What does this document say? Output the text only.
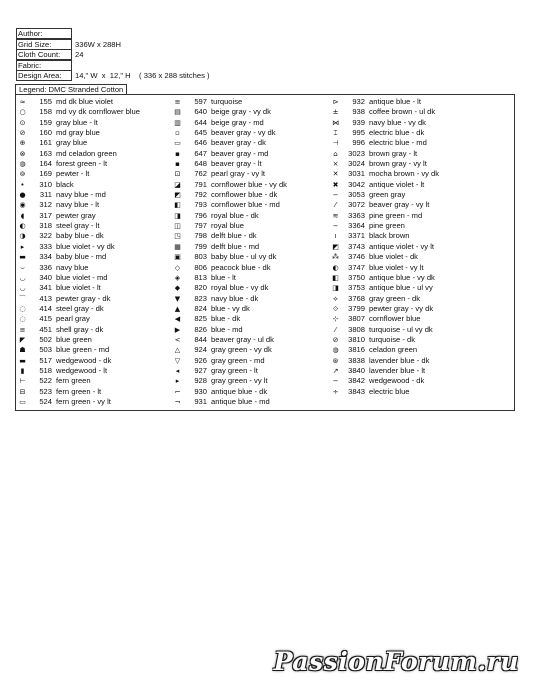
Author:
Grid Size:	336W x 288H
Cloth Count:	24
Fabric:
Design Area:	14," W  x  12," H    ( 336 x 288 stitches )
Legend: DMC Stranded Cotton
≈	155 md dk blue violet
○	158 md vy dk cornflower blue
⊙	159 gray blue - lt
⊘	160 md gray blue
⊕	161 gray blue
⊗	163 md celadon green
◍	164 forest green - lt
⊚	169 pewter - lt
•	310 black
●	311 navy blue - md
◉	312 navy blue - lt
◖	317 pewter gray
◐	318 steel gray - lt
◑	322 baby blue - dk
▸	333 blue violet - vy dk
▬	334 baby blue - md
⌣	336 navy blue
◡	340 blue violet - md
◡	341 blue violet - lt
⌒	413 pewter gray - dk
◌	414 steel gray - dk
◌	415 pearl gray
≡	451 shell gray - dk
◤	502 blue green
☗	503 blue green - md
▬	517 wedgewood - dk
▮	518 wedgewood - lt
⊢	522 fern green
⊟	523 fern green - lt
▭	524 fern green - vy lt
≡	597 turquoise
▤	640 beige gray - vy dk
▥	644 beige gray - md
▫	645 beaver gray - vy dk
▭	646 beaver gray - dk
▪	647 beaver gray - md
▪	648 beaver gray - lt
⊡	762 pearl gray - vy lt
◪	791 cornflower blue - vy dk
◩	792 cornflower blue - dk
◧	793 cornflower blue - md
◨	796 royal blue - dk
◫	797 royal blue
◳	798 delft blue - dk
▦	799 delft blue - md
▣	803 baby blue - ul vy dk
◇	806 peacock blue - dk
◈	813 blue - lt
◆	820 royal blue - vy dk
▼	823 navy blue - dk
▲	824 blue - vy dk
◀	825 blue - dk
▶	826 blue - md
<	844 beaver gray - ul dk
△	924 gray green - vy dk
▽	926 gray green - md
◂	927 gray green - lt
▸	928 gray green - vy lt
⌐	930 antique blue - dk
¬	931 antique blue - md
⊳	932 antique blue - lt
±	938 coffee brown - ul dk
⋈	939 navy blue - vy dk
⌶	995 electric blue - dk
⊣	996 electric blue - md
⌂	3023 brown gray - lt
×	3024 brown gray - vy lt
✕	3031 mocha brown - vy dk
✖	3042 antique violet - lt
−	3053 green gray
⁄	3072 beaver gray - vy lt
≋	3363 pine green - md
−	3364 pine green
ı	3371 black brown
◩	3743 antique violet - vy lt
⁂	3746 blue violet - dk
◐	3747 blue violet - vy lt
◧	3750 antique blue - vy dk
◨	3753 antique blue - ul vy
⟡	3768 gray green - dk
⟐	3799 pewter gray - vy dk
⊹	3807 cornflower blue
⁄	3808 turquoise - ul vy dk
⊘	3810 turquoise - dk
◍	3816 celadon green
⊛	3838 lavender blue - dk
↗	3840 lavender blue - lt
−	3842 wedgewood - dk
÷	3843 electric blue
PassionForum.ru
